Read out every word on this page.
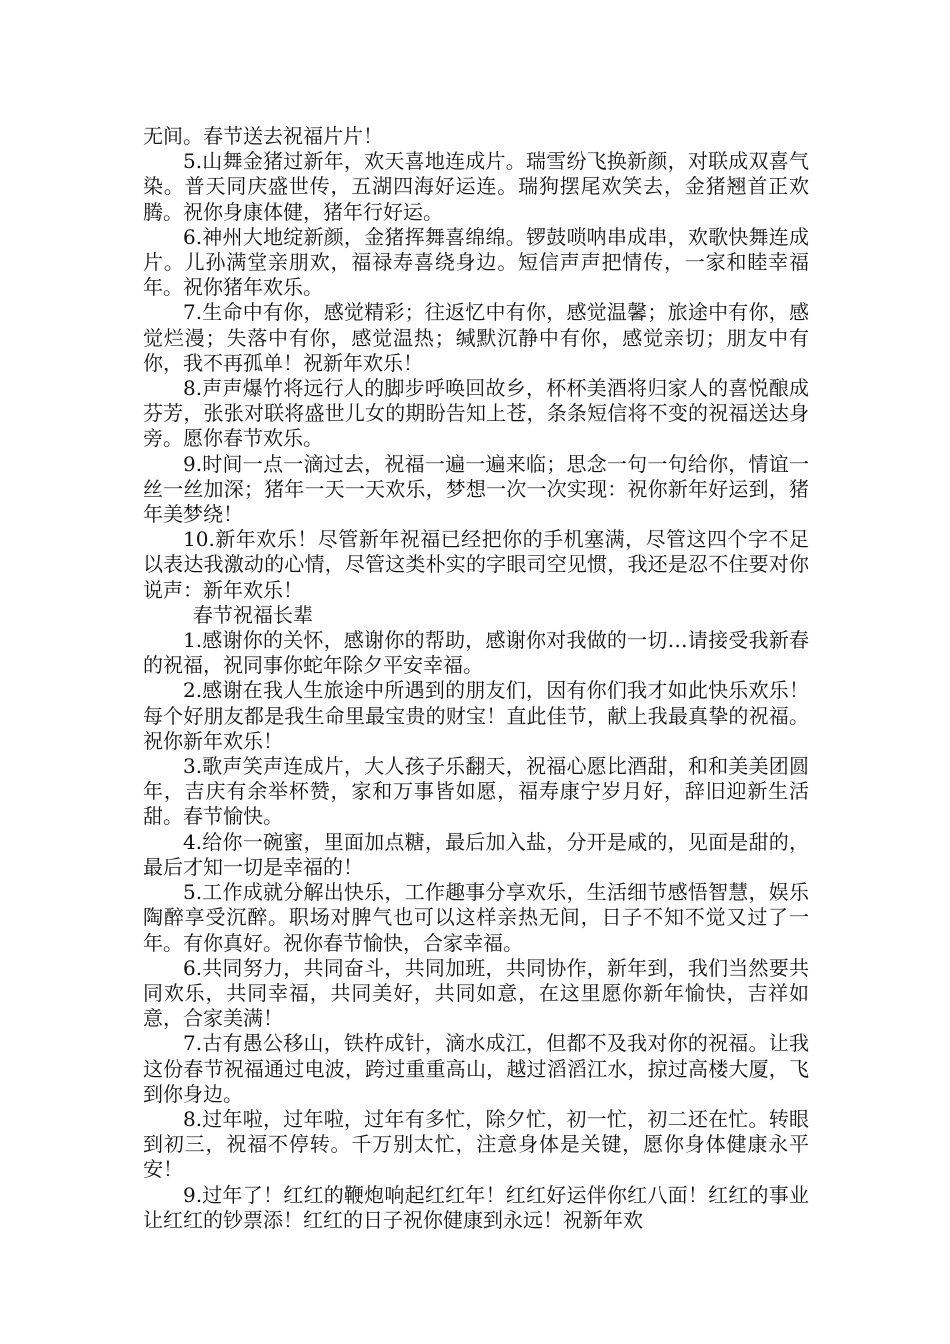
无间。春节送去祝福片片！

5.山舞金猪过新年，欢天喜地连成片。瑞雪纷飞换新颜，对联成双喜气染。普天同庆盛世传，五湖四海好运连。瑞狗摆尾欢笑去，金猪翘首正欢腾。祝你身康体健，猪年行好运。

6.神州大地绽新颜，金猪挥舞喜绵绵。锣鼓唢呐串成串，欢歌快舞连成片。儿孙满堂亲朋欢，福禄寿喜绕身边。短信声声把情传，一家和睦幸福年。祝你猪年欢乐。

7.生命中有你，感觉精彩；往返忆中有你，感觉温馨；旅途中有你，感觉烂漫；失落中有你，感觉温热；缄默沉静中有你，感觉亲切；朋友中有你，我不再孤单！祝新年欢乐！

8.声声爆竹将远行人的脚步呼唤回故乡，杯杯美酒将归家人的喜悦酿成芬芳，张张对联将盛世儿女的期盼告知上苍，条条短信将不变的祝福送达身旁。愿你春节欢乐。

9.时间一点一滴过去，祝福一遍一遍来临；思念一句一句给你，情谊一丝一丝加深；猪年一天一天欢乐，梦想一次一次实现：祝你新年好运到，猪年美梦绕！

10.新年欢乐！尽管新年祝福已经把你的手机塞满，尽管这四个字不足以表达我激动的心情，尽管这类朴实的字眼司空见惯，我还是忍不住要对你说声：新年欢乐！

春节祝福长辈

1.感谢你的关怀，感谢你的帮助，感谢你对我做的一切…请接受我新春的祝福，祝同事你蛇年除夕平安幸福。

2.感谢在我人生旅途中所遇到的朋友们，因有你们我才如此快乐欢乐！每个好朋友都是我生命里最宝贵的财宝！直此佳节，献上我最真挚的祝福。祝你新年欢乐！

3.歌声笑声连成片，大人孩子乐翻天，祝福心愿比酒甜，和和美美团圆年，吉庆有余举杯赞，家和万事皆如愿，福寿康宁岁月好，辞旧迎新生活甜。春节愉快。

4.给你一碗蜜，里面加点糖，最后加入盐，分开是咸的，见面是甜的，最后才知一切是幸福的！

5.工作成就分解出快乐，工作趣事分享欢乐，生活细节感悟智慧，娱乐陶醉享受沉醉。职场对脾气也可以这样亲热无间，日子不知不觉又过了一年。有你真好。祝你春节愉快，合家幸福。

6.共同努力，共同奋斗，共同加班，共同协作，新年到，我们当然要共同欢乐，共同幸福，共同美好，共同如意，在这里愿你新年愉快，吉祥如意，合家美满！

7.古有愚公移山，铁杵成针，滴水成江，但都不及我对你的祝福。让我这份春节祝福通过电波，跨过重重高山，越过滔滔江水，掠过高楼大厦，飞到你身边。

8.过年啦，过年啦，过年有多忙，除夕忙，初一忙，初二还在忙。转眼到初三，祝福不停转。千万别太忙，注意身体是关键，愿你身体健康永平安！

9.过年了！红红的鞭炮响起红红年！红红好运伴你红八面！红红的事业让红红的钞票添！红红的日子祝你健康到永远！祝新年欢
